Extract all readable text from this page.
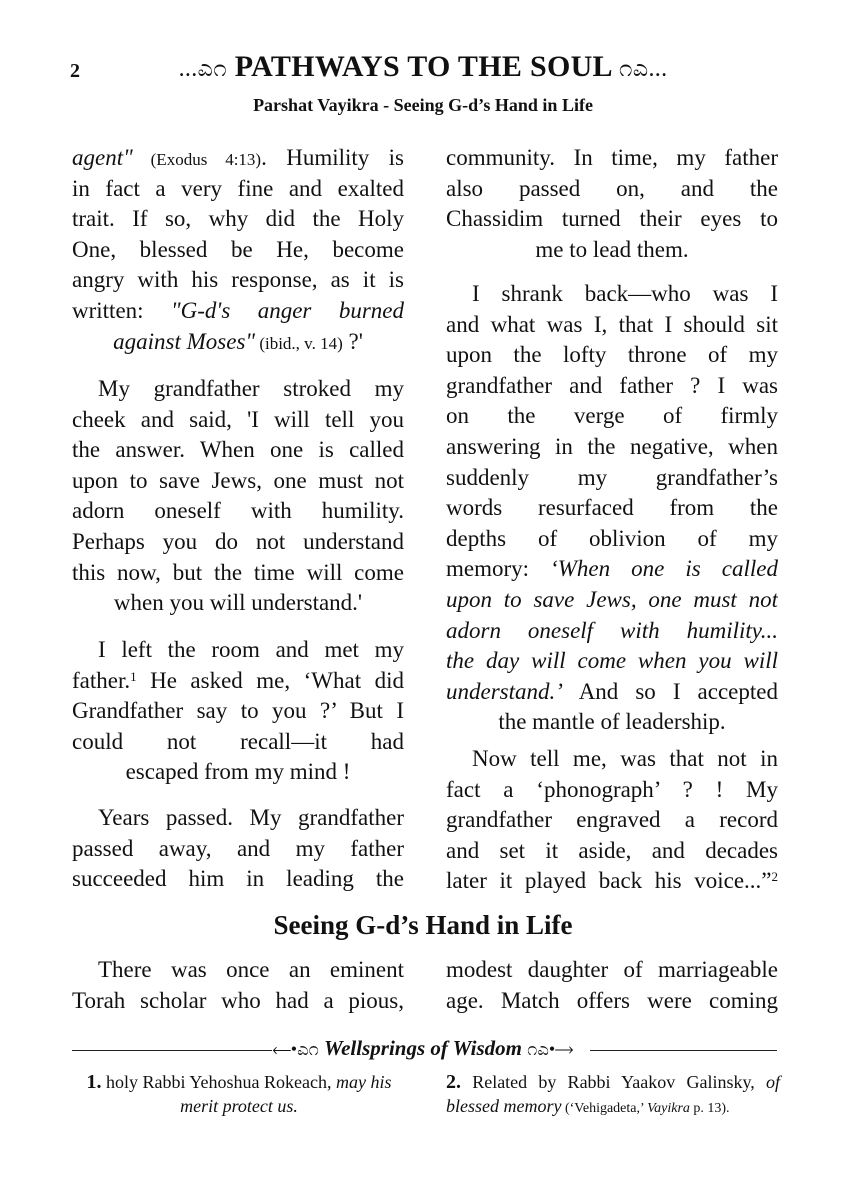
2	...ಎ೧ PATHWAYS TO THE SOUL ೧ಎ...
Parshat Vayikra - Seeing G-d’s Hand in Life
agent" (Exodus 4:13). Humility is
in fact a very fine and exalted
trait. If so, why did the Holy
One, blessed be He, become
angry with his response, as it is
written: "G-d's anger burned
against Moses" (ibid., v. 14) ?'
My grandfather stroked my
cheek and said, 'I will tell you
the answer. When one is called
upon to save Jews, one must not
adorn oneself with humility.
Perhaps you do not understand
this now, but the time will come
when you will understand.'
I left the room and met my
father.$^1$ He asked me, ‘What did
Grandfather say to you ?’ But I
could not recall—it had
escaped from my mind !
Years passed. My grandfather
passed away, and my father
succeeded him in leading the
community. In time, my father
also passed on, and the
Chassidim turned their eyes to
me to lead them.
I shrank back—who was I
and what was I, that I should sit
upon the lofty throne of my
grandfather and father ? I was
on the verge of firmly
answering in the negative, when
suddenly my grandfather’s
words resurfaced from the
depths of oblivion of my
memory: ‘When one is called
upon to save Jews, one must not
adorn oneself with humility...
the day will come when you will
understand.’ And so I accepted
the mantle of leadership.
Now tell me, was that not in
fact a ‘phonograph’ ? ! My
grandfather engraved a record
and set it aside, and decades
later it played back his voice...”$^2$
There was once an eminent
Torah scholar who had a pious,
modest daughter of marriageable
age. Match offers were coming
Seeing G-d’s Hand in Life
⟵•ಎ೧ Wellsprings of Wisdom ೧ಎ•⟶
1. holy Rabbi Yehoshua Rokeach, may his merit protect us.
2. Related by Rabbi Yaakov Galinsky, of blessed memory (‘Vehigadeta,’ Vayikra p. 13).
